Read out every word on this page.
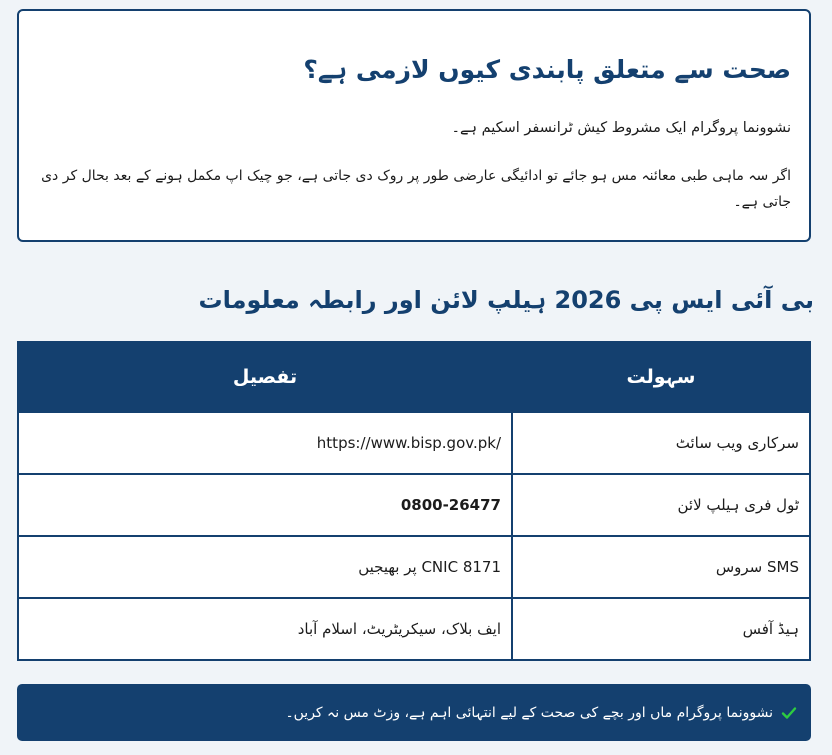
صحت سے متعلق پابندی کیوں لازمی ہے؟

نشوونما پروگرام ایک مشروط کیش ٹرانسفر اسکیم ہے۔

اگر سہ ماہی طبی معائنہ مس ہو جائے تو ادائیگی عارضی طور پر روک دی جاتی ہے، جو چیک اپ مکمل ہونے کے بعد بحال کر دی جاتی ہے۔

بی آئی ایس پی 2026 ہیلپ لائن اور رابطہ معلومات
سہولت	تفصیل
سرکاری ویب سائٹ	https://www.bisp.gov.pk/
ٹول فری ہیلپ لائن	0800-26477
SMS سروس	CNIC 8171 پر بھیجیں
ہیڈ آفس	ایف بلاک، سیکریٹریٹ، اسلام آباد
نشوونما پروگرام ماں اور بچے کی صحت کے لیے انتہائی اہم ہے، وزٹ مس نہ کریں۔
